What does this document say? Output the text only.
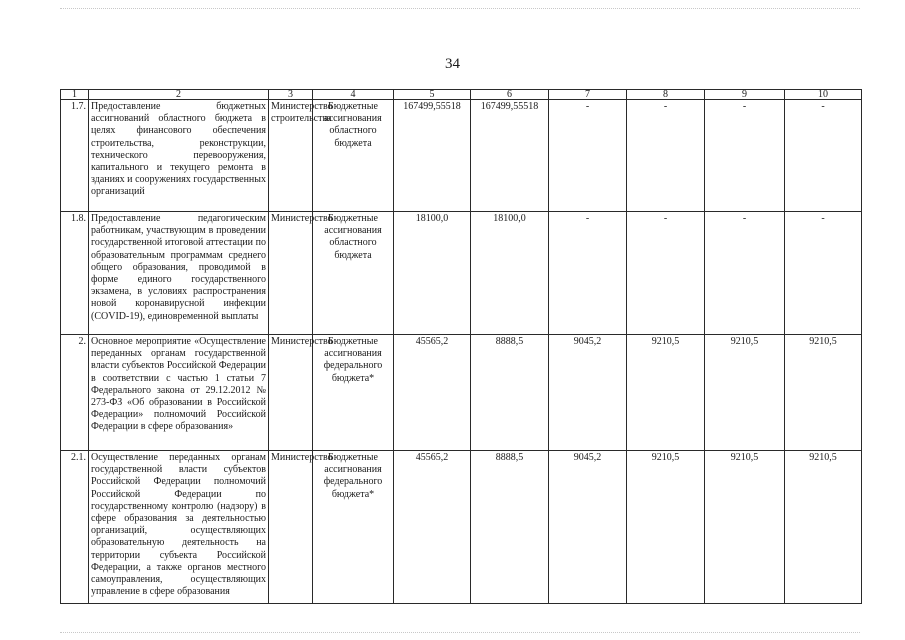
34
1	2	3	4	5	6	7	8	9	10
1.7.	Предоставление бюджетных ассигнований областного бюджета в целях финансового обеспечения строительства, реконструкции, технического перевооружения, капитального и текущего ремонта в зданиях и сооружениях государственных организаций	Министерство строительства	Бюджетные ассигнования областного бюджета	167499,55518	167499,55518	-	-	-	-
1.8.	Предоставление педагогическим работникам, участвующим в проведении государственной итоговой аттестации по образовательным программам среднего общего образования, проводимой в форме единого государственного экзамена, в условиях распространения новой коронавирусной инфекции (COVID-19), единовременной выплаты	Министерство	Бюджетные ассигнования областного бюджета	18100,0	18100,0	-	-	-	-
2.	Основное мероприятие «Осуществление переданных органам государственной власти субъектов Российской Федерации в соответствии с частью 1 статьи 7 Федерального закона от 29.12.2012 № 273-ФЗ «Об образовании в Российской Федерации» полномочий Российской Федерации в сфере образования»	Министерство	Бюджетные ассигнования федерального бюджета*	45565,2	8888,5	9045,2	9210,5	9210,5	9210,5
2.1.	Осуществление переданных органам государственной власти субъектов Российской Федерации полномочий Российской Федерации по государственному контролю (надзору) в сфере образования за деятельностью организаций, осуществляющих образовательную деятельность на территории субъекта Российской Федерации, а также органов местного самоуправления, осуществляющих управление в сфере образования	Министерство	Бюджетные ассигнования федерального бюджета*	45565,2	8888,5	9045,2	9210,5	9210,5	9210,5
